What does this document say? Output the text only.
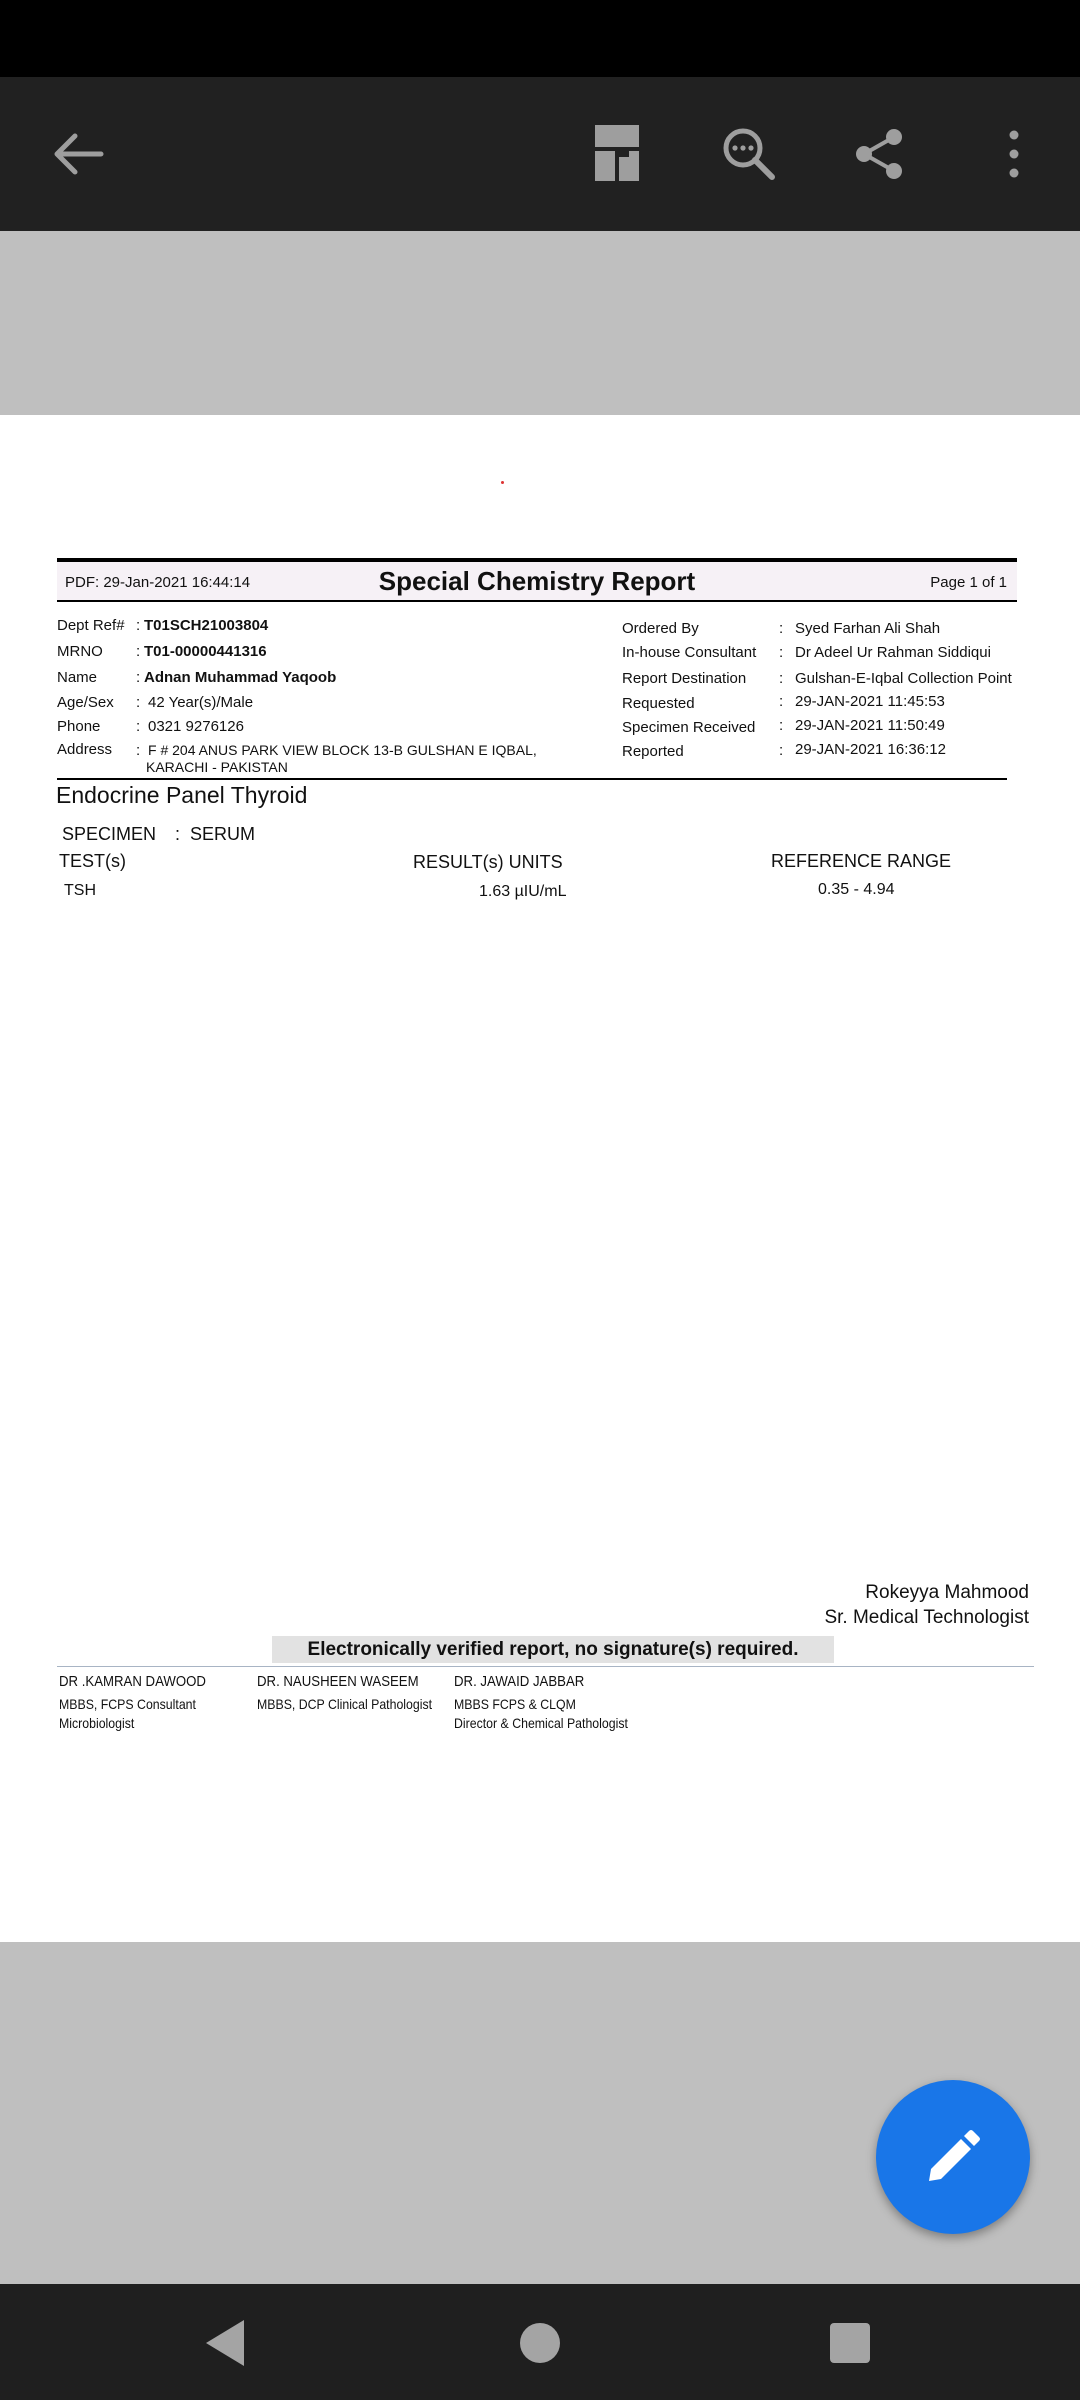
PDF: 29-Jan-2021 16:44:14	Special Chemistry Report	Page 1 of 1
Dept Ref# : T01SCH21003804
MRNO : T01-00000441316
Name	: Adnan Muhammad Yaqoob
Age/Sex : 42 Year(s)/Male
Phone : 0321 9276126
Address : F # 204 ANUS PARK VIEW BLOCK 13-B GULSHAN E IQBAL,
KARACHI - PAKISTAN
Ordered By	: Syed Farhan Ali Shah
In-house Consultant : Dr Adeel Ur Rahman Siddiqui
Report Destination : Gulshan-E-Iqbal Collection Point
Requested	: 29-JAN-2021 11:45:53
Specimen Received : 29-JAN-2021 11:50:49
Reported	: 29-JAN-2021 16:36:12
Endocrine Panel Thyroid
SPECIMEN : SERUM
TEST(s)	RESULT(s) UNITS	REFERENCE RANGE
TSH	1.63 µIU/mL	0.35 - 4.94
Rokeyya Mahmood
Sr. Medical Technologist
Electronically verified report, no signature(s) required.
DR .KAMRAN DAWOOD
MBBS, FCPS Consultant
Microbiologist
DR. NAUSHEEN WASEEM
MBBS, DCP Clinical Pathologist
DR. JAWAID JABBAR
MBBS FCPS & CLQM
Director & Chemical Pathologist
